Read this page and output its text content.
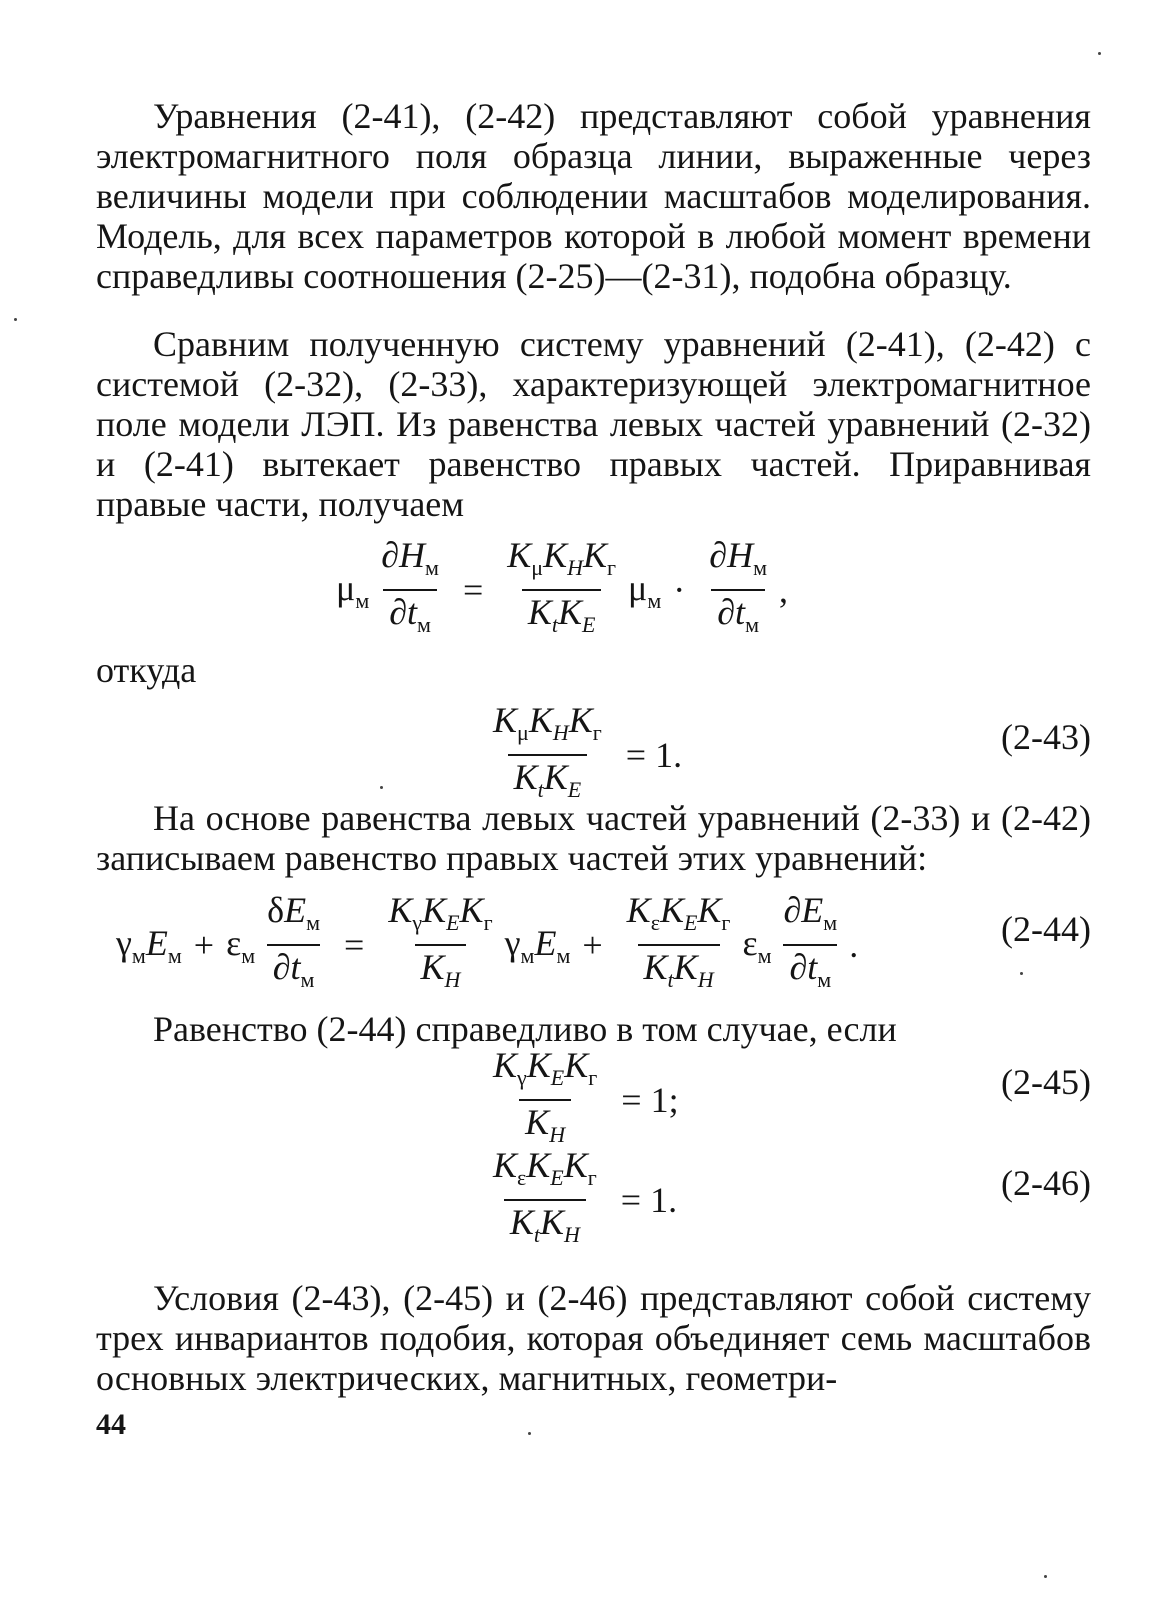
Уравнения (2-41), (2-42) представляют собой уравнения электромагнитного поля образца линии, выраженные через величины модели при соблюдении масштабов моделирования. Модель, для всех параметров которой в любой момент времени справедливы соотношения (2-25)—(2-31), подобна образцу.

Сравним полученную систему уравнений (2-41), (2-42) с системой (2-32), (2-33), характеризующей электромагнитное поле модели ЛЭП. Из равенства левых частей уравнений (2-32) и (2-41) вытекает равенство правых частей. Приравнивая правые части, получаем

$\mu_м \frac{\partial H_м}{\partial t_м} = \frac{K_\mu K_HK_г}{K_tK_E} \mu_м \cdot \frac{\partial H_м}{\partial t_м}$ ,
откуда
$\frac{K_\mu K_HK_г}{K_tK_E} = 1$.	(2-43)

На основе равенства левых частей уравнений (2-33) и (2-42) записываем равенство правых частей этих уравнений:

$\gamma_мE_м + \varepsilon_м \frac{\delta E_м}{\partial t_м} = \frac{K_\gamma K_EK_г}{K_H} \gamma_мE_м + \frac{K_\varepsilon K_EK_г}{K_tK_H} \varepsilon_м \frac{\partial E_м}{\partial t_м}$ .	(2-44)

Равенство (2-44) справедливо в том случае, если

$\frac{K_\gamma K_EK_г}{K_H} = 1$;	(2-45)
$\frac{K_\varepsilon K_EK_г}{K_tK_H} = 1$.	(2-46)

Условия (2-43), (2-45) и (2-46) представляют собой систему трех инвариантов подобия, которая объединяет семь масштабов основных электрических, магнитных, геометри-

44
